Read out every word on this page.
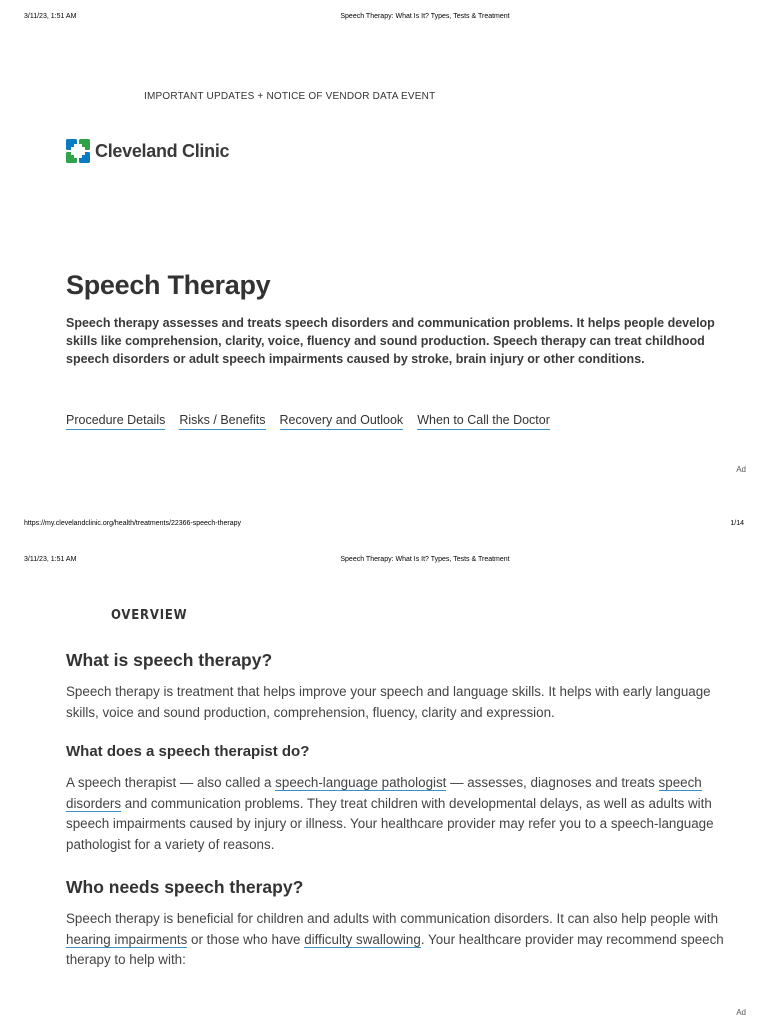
3/11/23, 1:51 AM	Speech Therapy: What Is It? Types, Tests & Treatment
IMPORTANT UPDATES + NOTICE OF VENDOR DATA EVENT
Cleveland Clinic
Speech Therapy

Speech therapy assesses and treats speech disorders and communication problems. It helps people develop skills like comprehension, clarity, voice, fluency and sound production. Speech therapy can treat childhood speech disorders or adult speech impairments caused by stroke, brain injury or other conditions.

Procedure Details Risks / Benefits Recovery and Outlook When to Call the Doctor
Ad
https://my.clevelandclinic.org/health/treatments/22366-speech-therapy	1/14
3/11/23, 1:51 AM	Speech Therapy: What Is It? Types, Tests & Treatment
OVERVIEW
What is speech therapy?

Speech therapy is treatment that helps improve your speech and language skills. It helps with early language skills, voice and sound production, comprehension, fluency, clarity and expression.

What does a speech therapist do?

A speech therapist — also called a speech-language pathologist — assesses, diagnoses and treats speech disorders and communication problems. They treat children with developmental delays, as well as adults with speech impairments caused by injury or illness. Your healthcare provider may refer you to a speech-language pathologist for a variety of reasons.

Who needs speech therapy?

Speech therapy is beneficial for children and adults with communication disorders. It can also help people with hearing impairments or those who have difficulty swallowing. Your healthcare provider may recommend speech therapy to help with:

Ad
